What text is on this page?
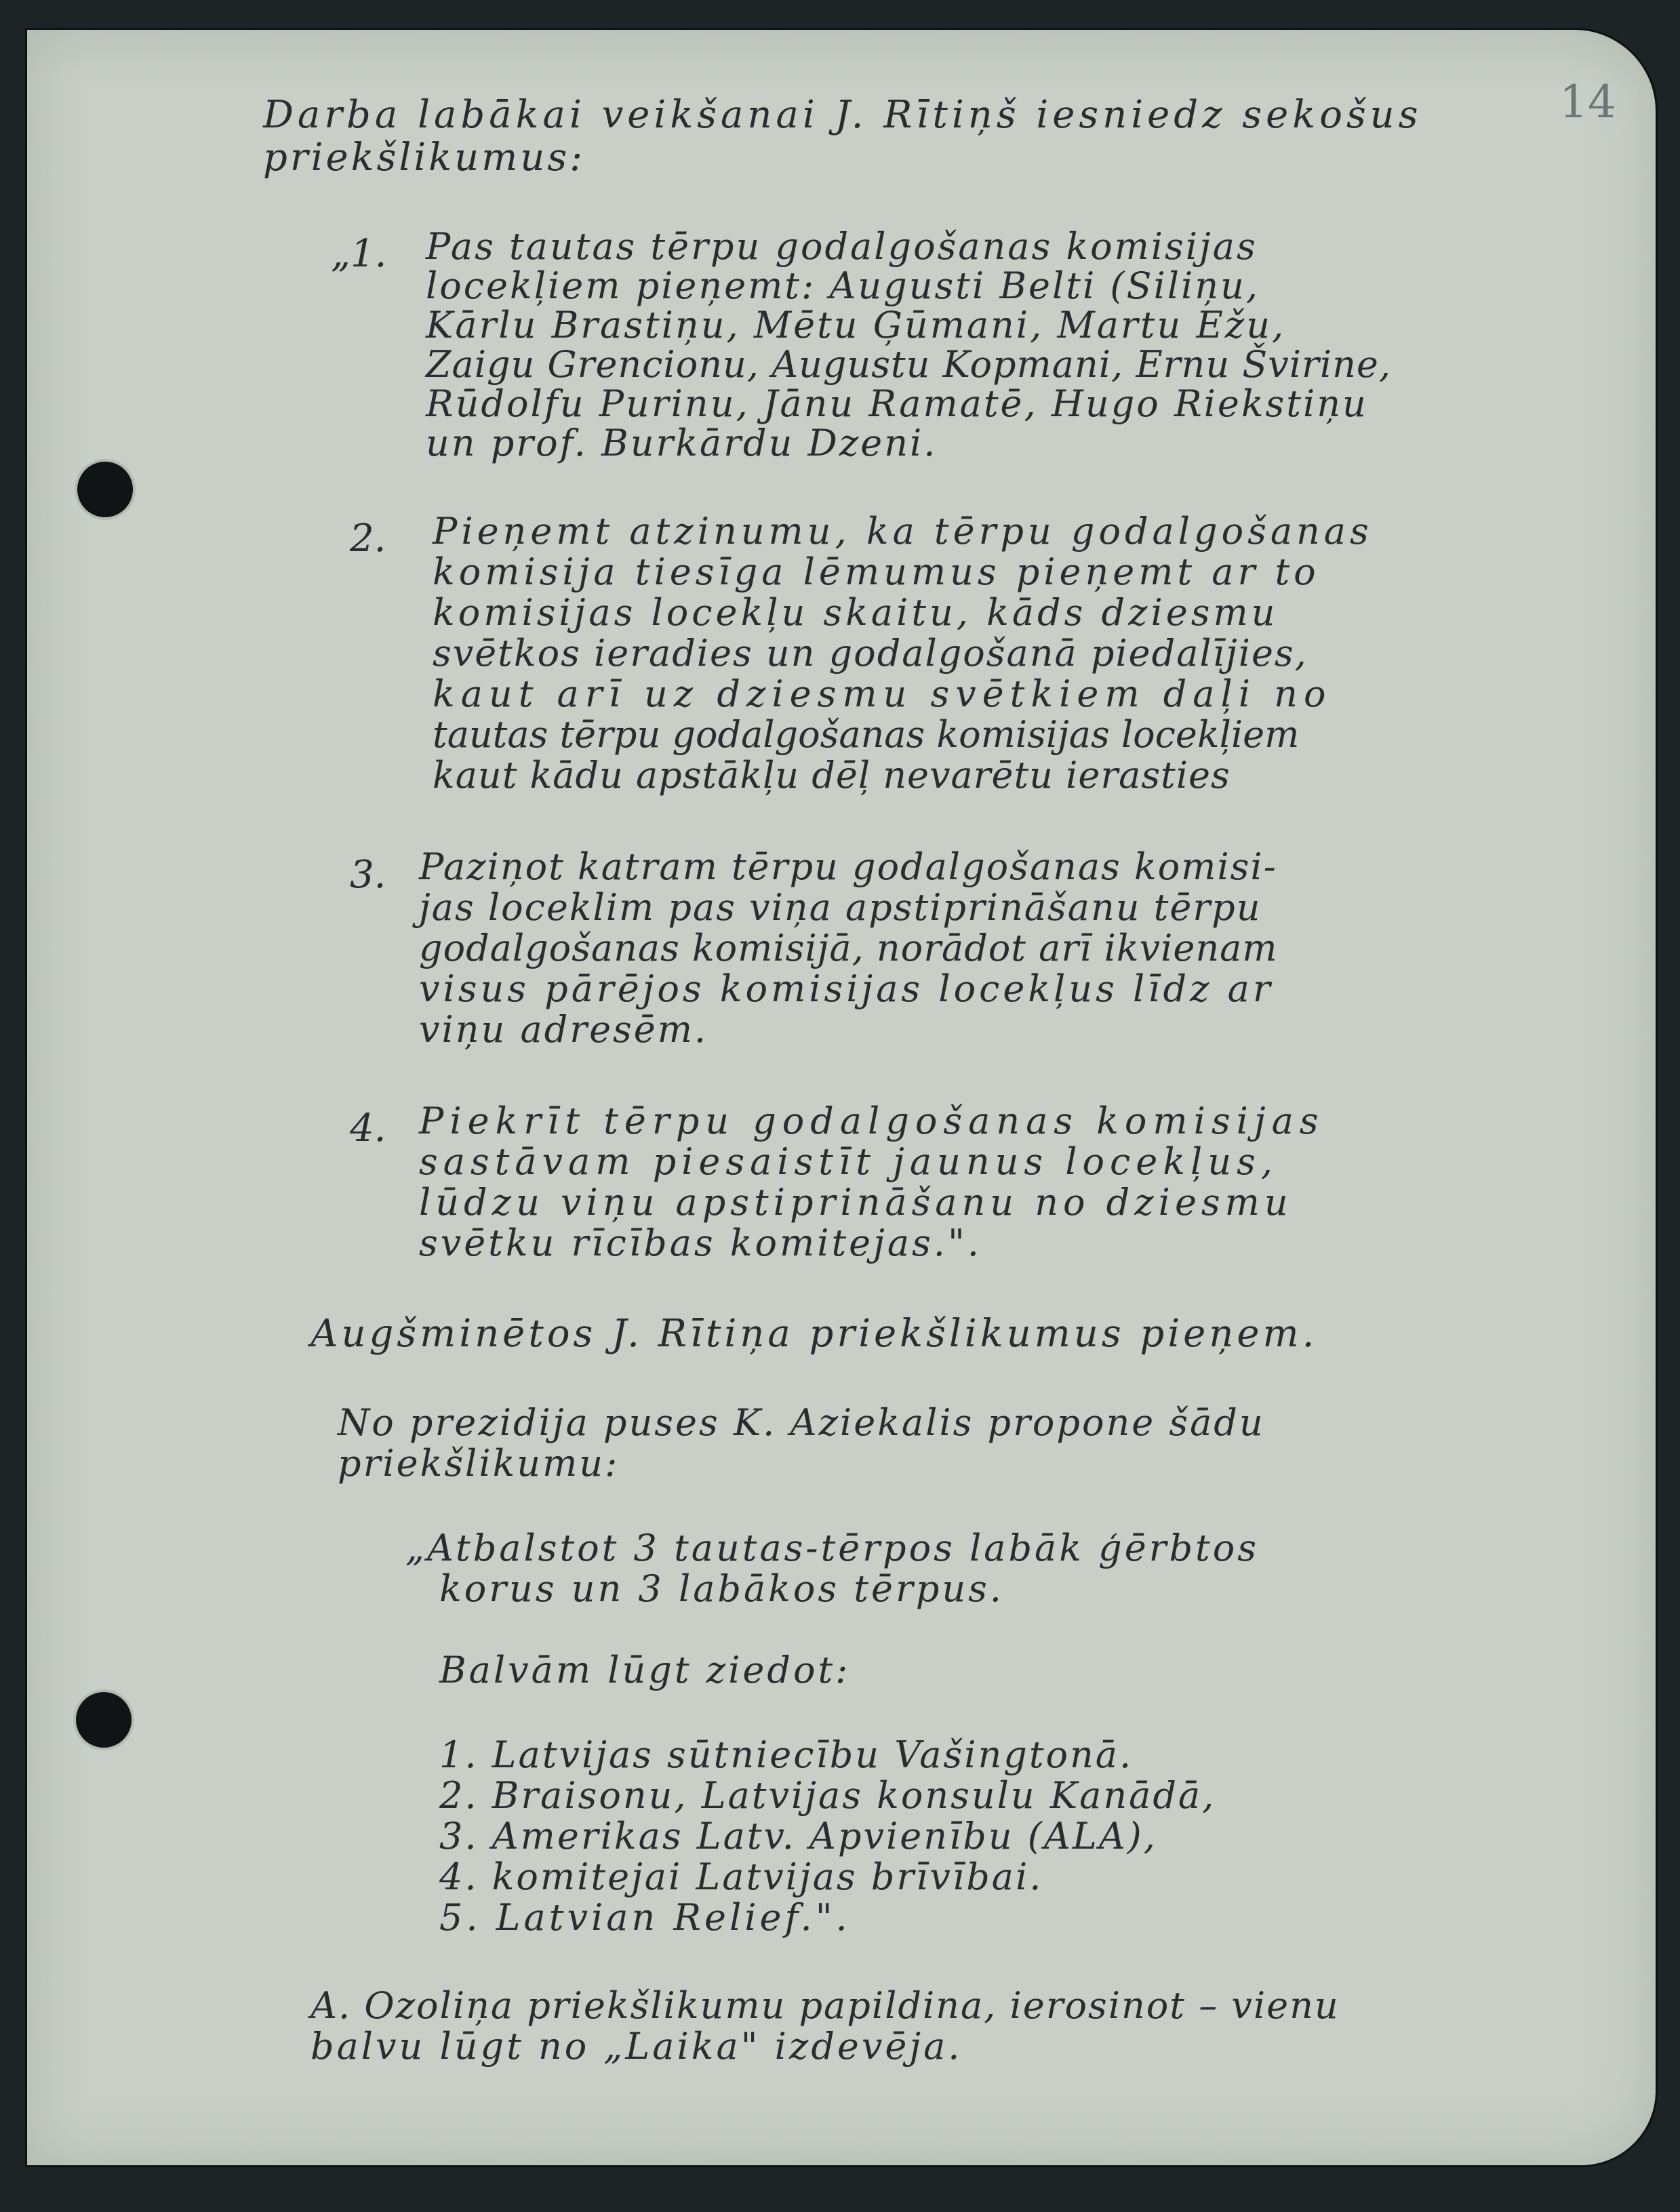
14

Darba labākai veikšanai J. Rītiņš iesniedz sekošus

priekšlikumus:

„1. Pas tautas tērpu godalgošanas komisijas

locekļiem pieņemt: Augusti Belti (Siliņu,

Kārlu Brastiņu, Mētu Ģūmani, Martu Ežu,

Zaigu Grencionu, Augustu Kopmani, Ernu Švirine,

Rūdolfu Purinu, Jānu Ramatē, Hugo Riekstiņu

un prof. Burkārdu Dzeni.

2. Pieņemt atzinumu, ka tērpu godalgošanas

komisija tiesīga lēmumus pieņemt ar to

komisijas locekļu skaitu, kāds dziesmu

svētkos ieradies un godalgošanā piedalījies,

kaut arī uz dziesmu svētkiem daļi no

tautas tērpu godalgošanas komisijas locekļiem

kaut kādu apstākļu dēļ nevarētu ierasties

3. Paziņot katram tērpu godalgošanas komisi-

jas loceklim pas viņa apstiprināšanu tērpu

godalgošanas komisijā, norādot arī ikvienam

visus pārējos komisijas locekļus līdz ar

viņu adresēm.

4. Piekrīt tērpu godalgošanas komisijas

sastāvam piesaistīt jaunus locekļus,

lūdzu viņu apstiprināšanu no dziesmu

svētku rīcības komitejas.".

Augšminētos J. Rītiņa priekšlikumus pieņem.

No prezidija puses K. Aziekalis propone šādu

priekšlikumu:

„Atbalstot 3 tautas-tērpos labāk ģērbtos

korus un 3 labākos tērpus.

Balvām lūgt ziedot:

1. Latvijas sūtniecību Vašingtonā.

2. Braisonu, Latvijas konsulu Kanādā,

3. Amerikas Latv. Apvienību (ALA),

4. komitejai Latvijas brīvībai.

5. Latvian Relief.".

A. Ozoliņa priekšlikumu papildina, ierosinot – vienu

balvu lūgt no „Laika" izdevēja.
